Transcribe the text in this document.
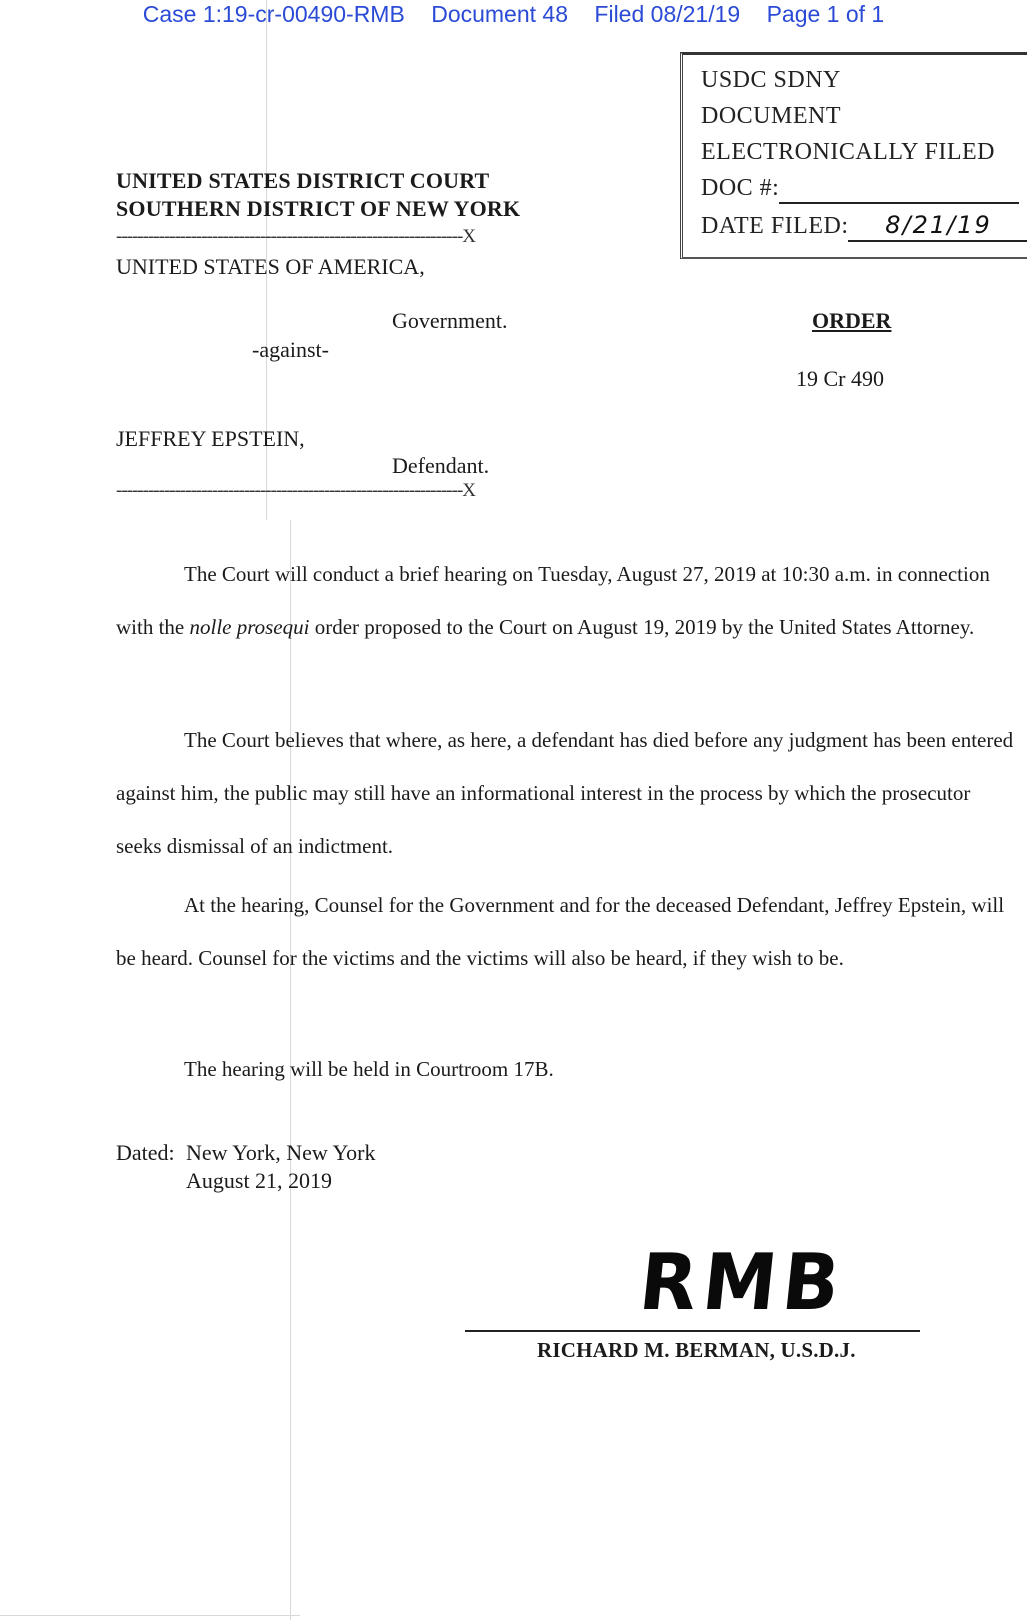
Case 1:19-cr-00490-RMB Document 48 Filed 08/21/19 Page 1 of 1
USDC SDNY
DOCUMENT
ELECTRONICALLY FILED
DOC #:
DATE FILED: 8/21/19
UNITED STATES DISTRICT COURT
SOUTHERN DISTRICT OF NEW YORK
-----------------------------------------------------------------X
UNITED STATES OF AMERICA,
Government.
-against-
JEFFREY EPSTEIN,
Defendant.
-----------------------------------------------------------------X
ORDER
19 Cr 490
The Court will conduct a brief hearing on Tuesday, August 27, 2019 at 10:30 a.m. in connection with the nolle prosequi order proposed to the Court on August 19, 2019 by the United States Attorney.
The Court believes that where, as here, a defendant has died before any judgment has been entered against him, the public may still have an informational interest in the process by which the prosecutor seeks dismissal of an indictment.
At the hearing, Counsel for the Government and for the deceased Defendant, Jeffrey Epstein, will be heard. Counsel for the victims and the victims will also be heard, if they wish to be.
The hearing will be held in Courtroom 17B.
Dated: New York, New York
August 21, 2019
RMB
RICHARD M. BERMAN, U.S.D.J.
